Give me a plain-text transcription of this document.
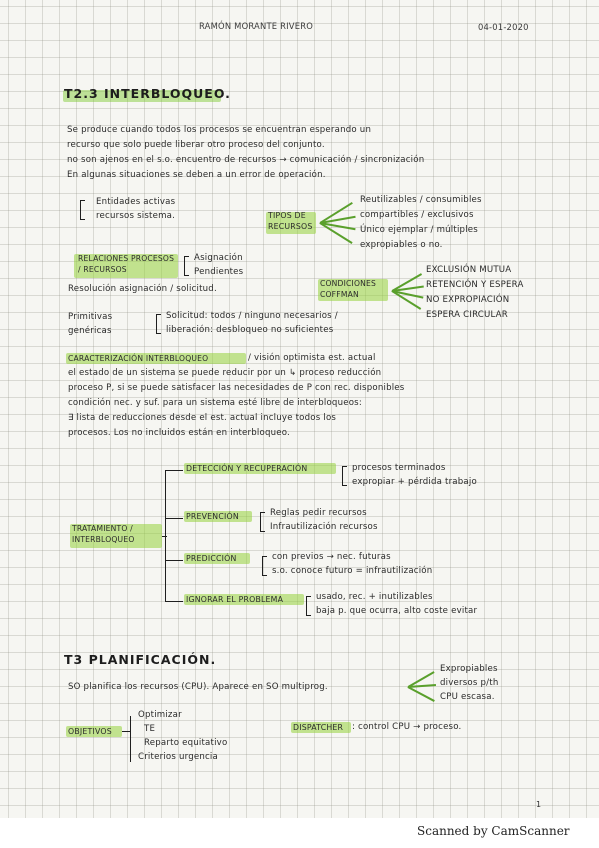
RAMÓN MORANTE RIVERO	04-01-2020
T2.3 INTERBLOQUEO.
Se produce cuando todos los procesos se encuentran esperando un
recurso que solo puede liberar otro proceso del conjunto.
no son ajenos en el s.o. encuentro de recursos → comunicación / sincronización
En algunas situaciones se deben a un error de operación.
Entidades activas
recursos sistema.	TIPOS DE RECURSOS
Reutilizables / consumibles
compartibles / exclusivos
Único ejemplar / múltiples
expropiables o no.
RELACIONES PROCESOS / RECURSOS
Asignación
Pendientes
Resolución asignación / solicitud.
CONDICIONES COFFMAN
EXCLUSIÓN MUTUA
RETENCIÓN Y ESPERA
NO EXPROPIACIÓN
ESPERA CIRCULAR
Primitivas
genéricas
Solicitud: todos / ninguno necesarios /
liberación: desbloqueo no suficientes
CARACTERIZACIÓN INTERBLOQUEO	/ visión optimista est. actual
el estado de un sistema se puede reducir por un ↳ proceso reducción
proceso P, si se puede satisfacer las necesidades de P con rec. disponibles
condición nec. y suf. para un sistema esté libre de interbloqueos:
∃ lista de reducciones desde el est. actual incluye todos los
procesos. Los no incluidos están en interbloqueo.
TRATAMIENTO / INTERBLOQUEO
DETECCIÓN Y RECUPERACIÓN	procesos terminados
expropiar + pérdida trabajo
PREVENCIÓN	Reglas pedir recursos
Infrautilización recursos
PREDICCIÓN	con previos → nec. futuras
s.o. conoce futuro = infrautilización
IGNORAR EL PROBLEMA	usado, rec. + inutilizables
baja p. que ocurra, alto coste evitar
T3 PLANIFICACIÓN.
SO planifica los recursos (CPU). Aparece en SO multiprog.
Expropiables
diversos p/th
CPU escasa.
OBJETIVOS
Optimizar
TE
Reparto equitativo
Criterios urgencia
DISPATCHER : control CPU → proceso.
1
Scanned by CamScanner
